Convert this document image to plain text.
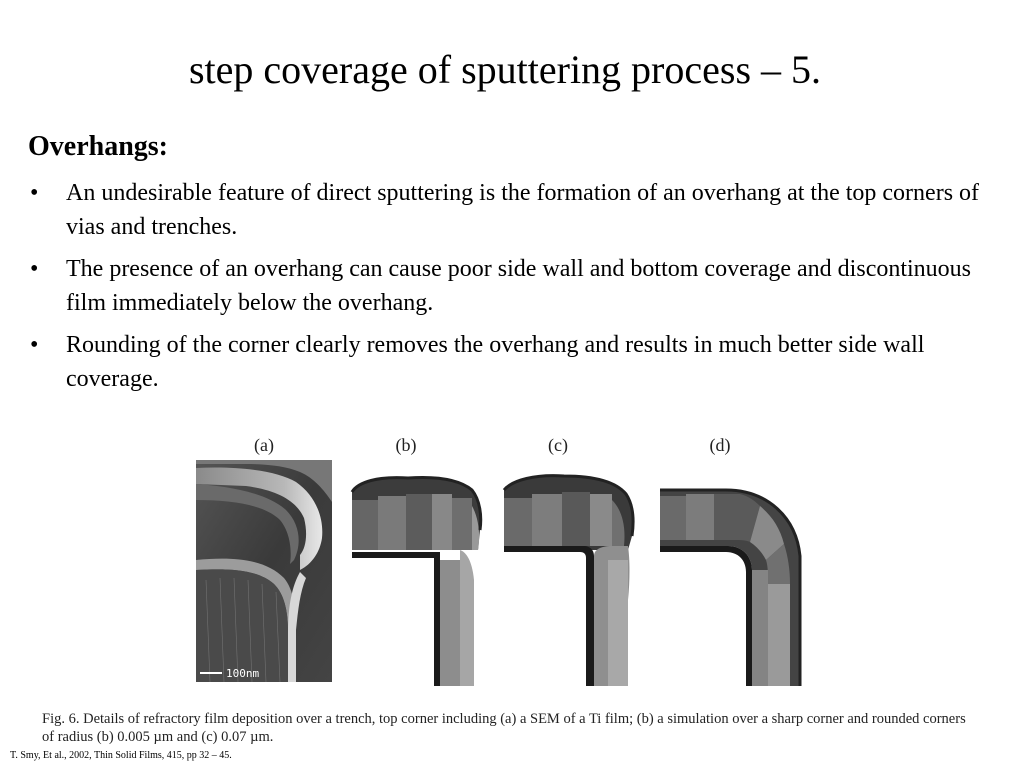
step coverage of sputtering process – 5.
Overhangs:
• An undesirable feature of direct sputtering is the formation of an overhang at the top corners of vias and trenches.
• The presence of an overhang can cause poor side wall and bottom coverage and discontinuous film immediately below the overhang.
• Rounding of the corner clearly removes the overhang and results in much better side wall coverage.
(a)	(b)	(c)	(d)
100nm
Fig. 6. Details of refractory film deposition over a trench, top corner including (a) a SEM of a Ti film; (b) a simulation over a sharp corner and rounded corners of radius (b) 0.005 µm and (c) 0.07 µm.
T. Smy, Et al., 2002, Thin Solid Films, 415, pp 32 – 45.
